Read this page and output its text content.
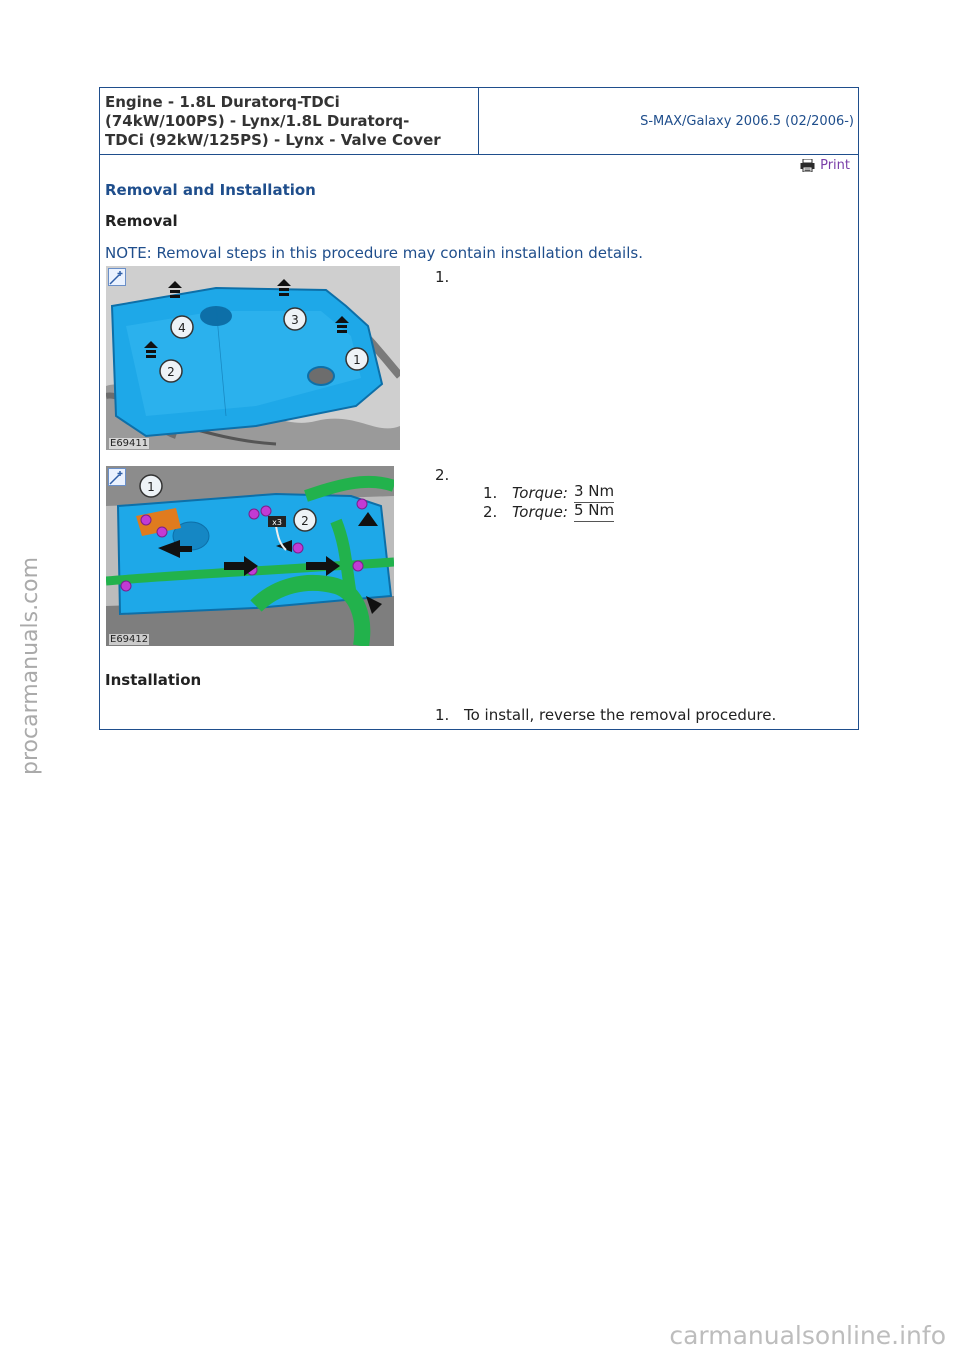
Engine - 1.8L Duratorq-TDCi
(74kW/100PS) - Lynx/1.8L Duratorq-
TDCi (92kW/125PS) - Lynx - Valve Cover
S-MAX/Galaxy 2006.5 (02/2006-)
Print
Removal and Installation
Removal
NOTE: Removal steps in this procedure may contain installation details.
1
2
3
4
E69411
1.
1
2
x3
E69412
2.
1. Torque: 3 Nm
2. Torque: 5 Nm
Installation
1. To install, reverse the removal procedure.
procarmanuals.com
carmanualsonline.info
